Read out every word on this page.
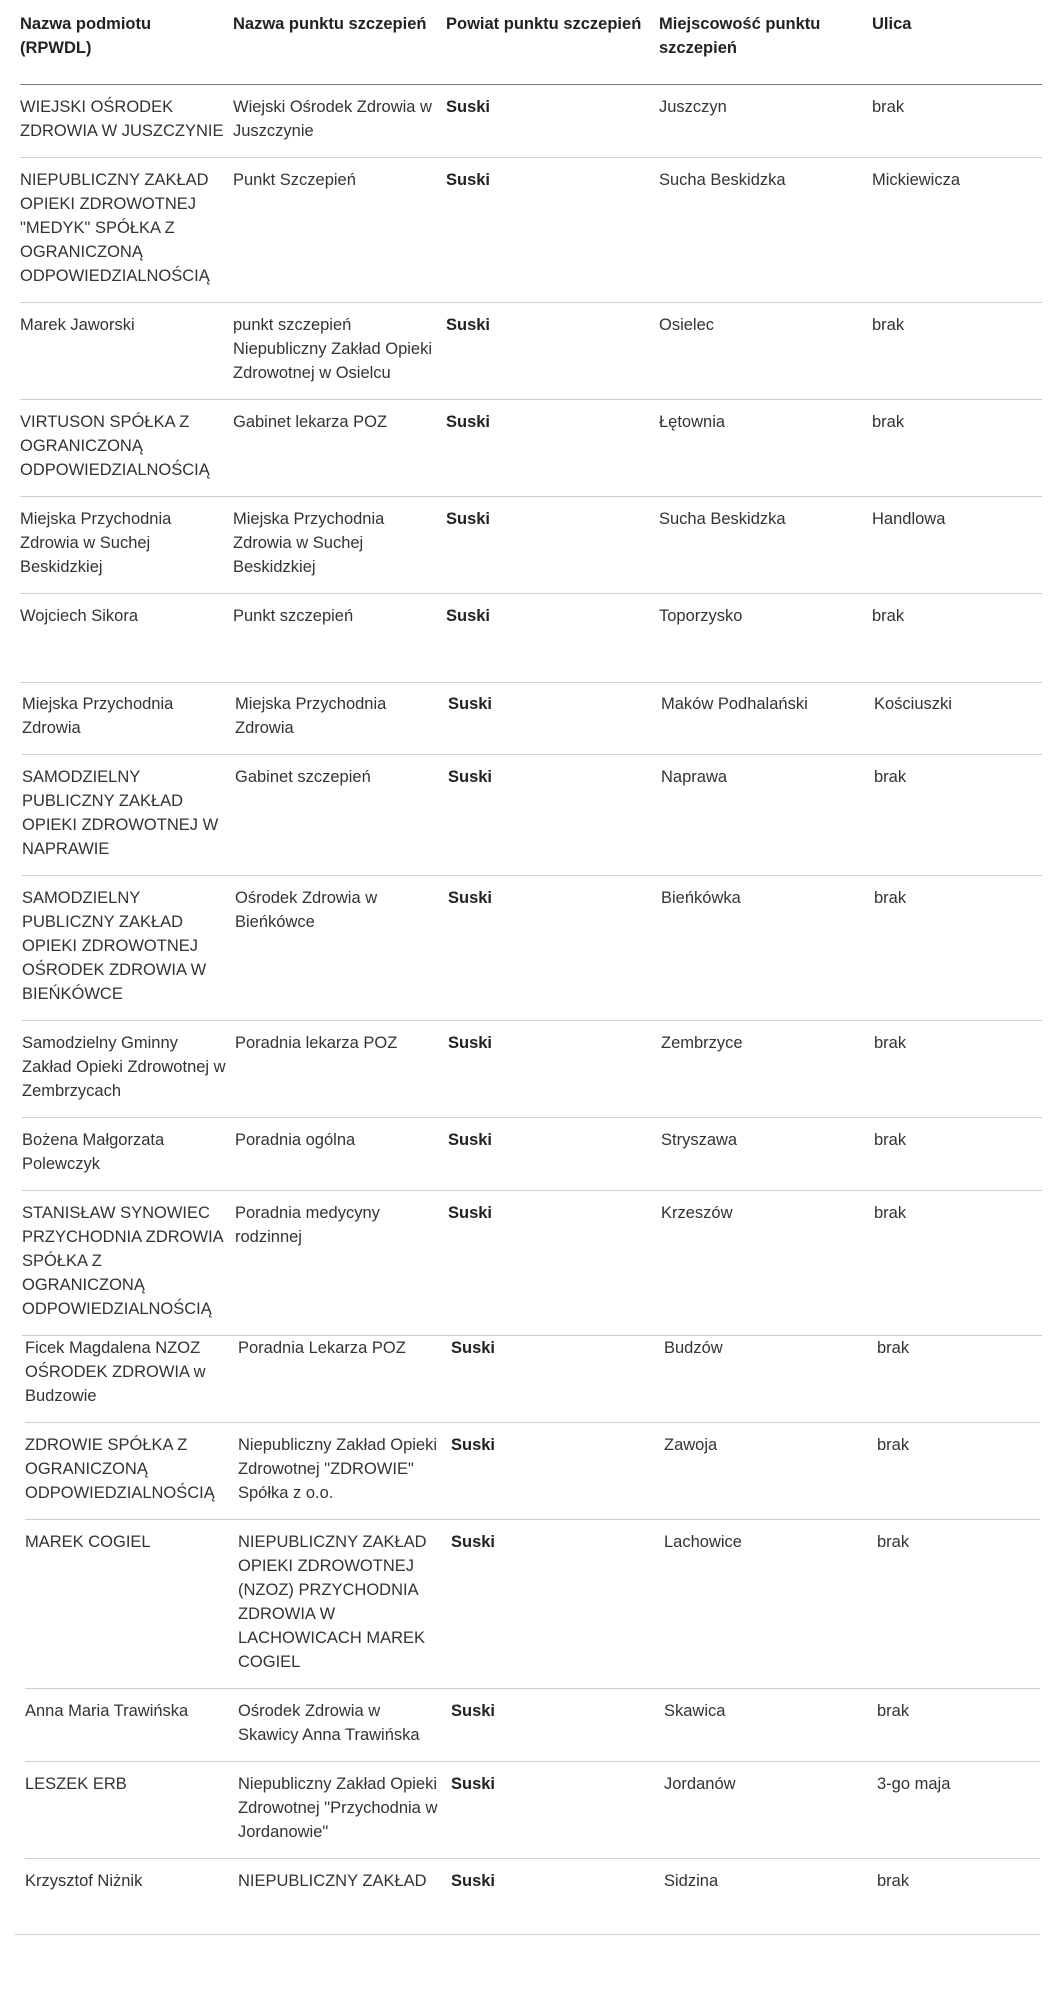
Nazwa podmiotu (RPWDL)	Nazwa punktu szczepień	Powiat punktu szczepień	Miejscowość punktu szczepień	Ulica
WIEJSKI OŚRODEK ZDROWIA W JUSZCZYNIE	Wiejski Ośrodek Zdrowia w Juszczynie	Suski	Juszczyn	brak
NIEPUBLICZNY ZAKŁAD OPIEKI ZDROWOTNEJ "MEDYK" SPÓŁKA Z OGRANICZONĄ ODPOWIEDZIALNOŚCIĄ	Punkt Szczepień	Suski	Sucha Beskidzka	Mickiewicza
Marek Jaworski	punkt szczepień Niepubliczny Zakład Opieki Zdrowotnej w Osielcu	Suski	Osielec	brak
VIRTUSON SPÓŁKA Z OGRANICZONĄ ODPOWIEDZIALNOŚCIĄ	Gabinet lekarza POZ	Suski	Łętownia	brak
Miejska Przychodnia Zdrowia w Suchej Beskidzkiej	Miejska Przychodnia Zdrowia w Suchej Beskidzkiej	Suski	Sucha Beskidzka	Handlowa
Wojciech Sikora	Punkt szczepień	Suski	Toporzysko	brak
Miejska Przychodnia Zdrowia	Miejska Przychodnia Zdrowia	Suski	Maków Podhalański	Kościuszki
SAMODZIELNY PUBLICZNY ZAKŁAD OPIEKI ZDROWOTNEJ W NAPRAWIE	Gabinet szczepień	Suski	Naprawa	brak
SAMODZIELNY PUBLICZNY ZAKŁAD OPIEKI ZDROWOTNEJ OŚRODEK ZDROWIA W BIEŃKÓWCE	Ośrodek Zdrowia w Bieńkówce	Suski	Bieńkówka	brak
Samodzielny Gminny Zakład Opieki Zdrowotnej w Zembrzycach	Poradnia lekarza POZ	Suski	Zembrzyce	brak
Bożena Małgorzata Polewczyk	Poradnia ogólna	Suski	Stryszawa	brak
STANISŁAW SYNOWIEC PRZYCHODNIA ZDROWIA SPÓŁKA Z OGRANICZONĄ ODPOWIEDZIALNOŚCIĄ	Poradnia medycyny rodzinnej	Suski	Krzeszów	brak
Ficek Magdalena NZOZ OŚRODEK ZDROWIA w Budzowie	Poradnia Lekarza POZ	Suski	Budzów	brak
ZDROWIE SPÓŁKA Z OGRANICZONĄ ODPOWIEDZIALNOŚCIĄ	Niepubliczny Zakład Opieki Zdrowotnej "ZDROWIE" Spółka z o.o.	Suski	Zawoja	brak
MAREK COGIEL	NIEPUBLICZNY ZAKŁAD OPIEKI ZDROWOTNEJ (NZOZ) PRZYCHODNIA ZDROWIA W LACHOWICACH MAREK COGIEL	Suski	Lachowice	brak
Anna Maria Trawińska	Ośrodek Zdrowia w Skawicy Anna Trawińska	Suski	Skawica	brak
LESZEK ERB	Niepubliczny Zakład Opieki Zdrowotnej "Przychodnia w Jordanowie"	Suski	Jordanów	3-go maja
Krzysztof Niżnik	NIEPUBLICZNY ZAKŁAD	Suski	Sidzina	brak
